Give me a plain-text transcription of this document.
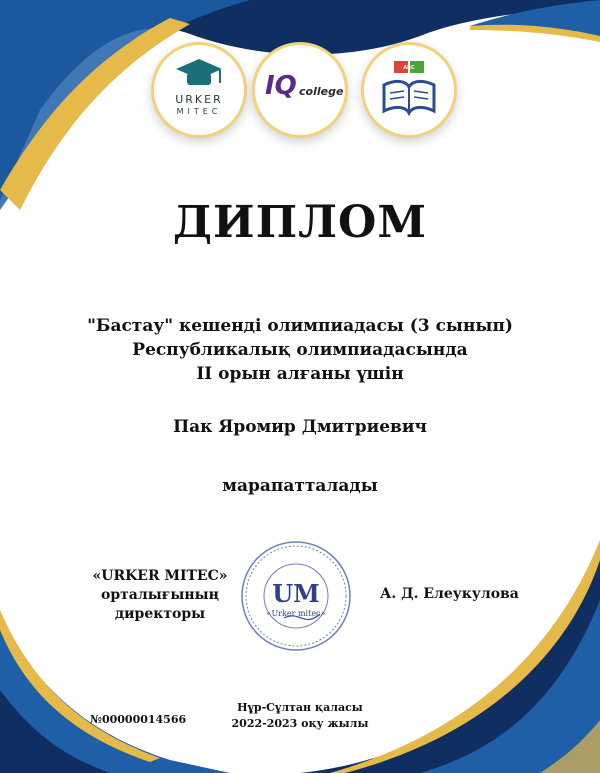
URKER
MITEC
IQ college
ABC
ДИПЛОМ
"Бастау" кешенді олимпиадасы (3 сынып)
Республикалық олимпиадасында
II орын алғаны үшін
Пак Яромир Дмитриевич
марапатталады
«URKER MITEC»
орталығының
директоры
UM
«Urker mitec»
А. Д. Елеукулова
№00000014566
Нұр-Сұлтан қаласы
2022-2023 оқу жылы
